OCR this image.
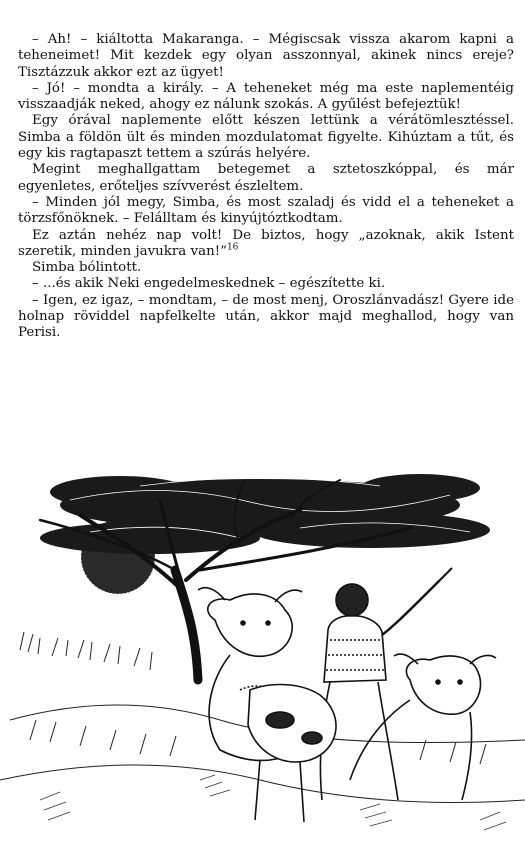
– Ah! – kiáltotta Makaranga. – Mégiscsak vissza akarom kapni a teheneimet! Mit kezdek egy olyan asszonnyal, akinek nincs ereje? Tisztázzuk akkor ezt az ügyet!

– Jó! – mondta a király. – A teheneket még ma este naplementéig visszaadják neked, ahogy ez nálunk szokás. A gyűlést befejeztük!

Egy órával naplemente előtt készen lettünk a vérátömlesztéssel. Simba a földön ült és minden mozdulatomat figyelte. Kihúztam a tűt, és egy kis ragtapaszt tettem a szúrás helyére.

Megint meghallgattam betegemet a sztetoszkóppal, és már egyenletes, erőteljes szívverést észleltem.

– Minden jól megy, Simba, és most szaladj és vidd el a teheneket a törzsfőnöknek. – Felálltam és kinyújtóztkodtam.

Ez aztán nehéz nap volt! De biztos, hogy „azoknak, akik Istent szeretik, minden javukra van!”$^{16}$

Simba bólintott.

– ...és akik Neki engedelmeskednek – egészítette ki.

– Igen, ez igaz, – mondtam, – de most menj, Oroszlánvadász! Gyere ide holnap röviddel napfelkelte után, akkor majd meghallod, hogy van Perisi.
